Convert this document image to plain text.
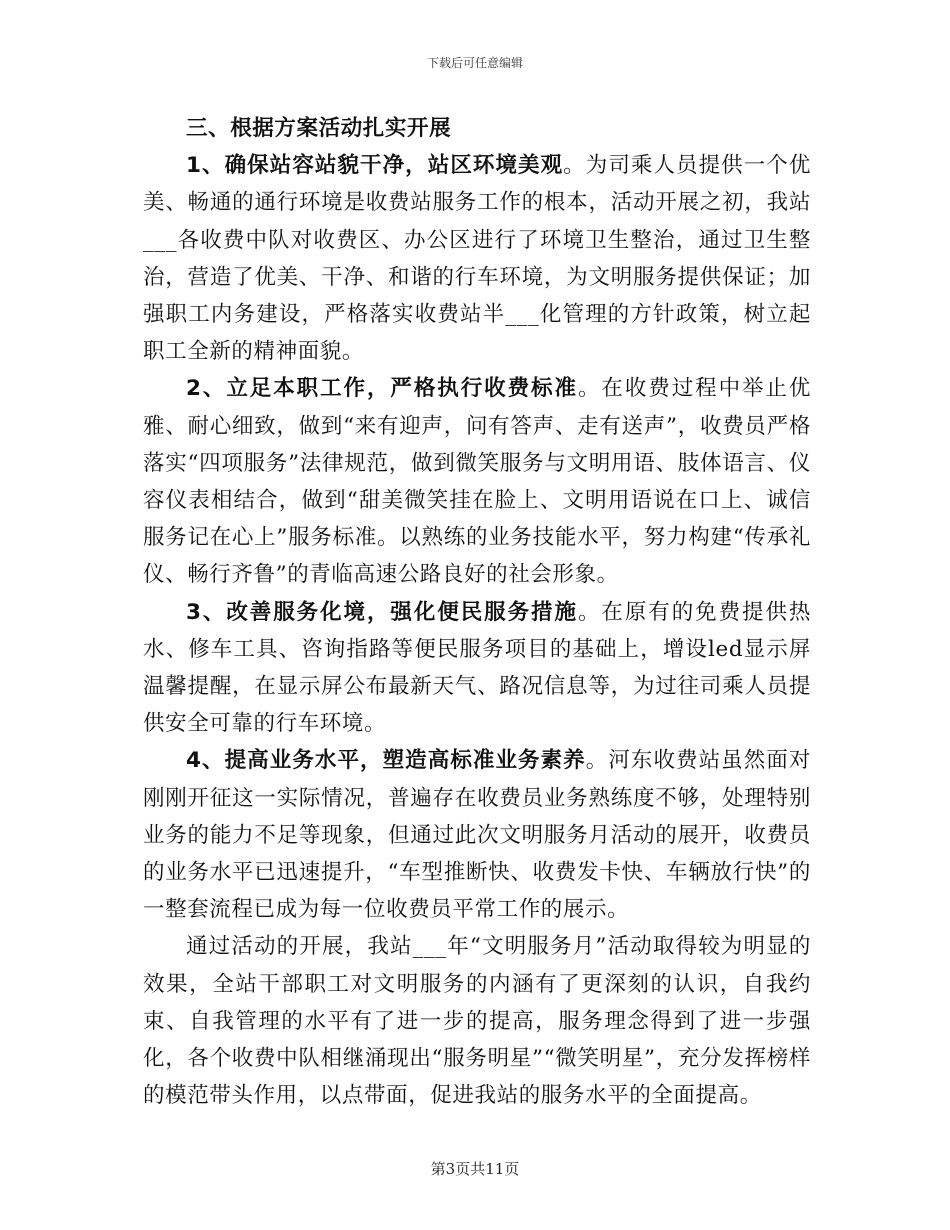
下载后可任意编辑

三、根据方案活动扎实开展

1、确保站容站貌干净，站区环境美观。为司乘人员提供一个优美、畅通的通行环境是收费站服务工作的根本，活动开展之初，我站___各收费中队对收费区、办公区进行了环境卫生整治，通过卫生整治，营造了优美、干净、和谐的行车环境，为文明服务提供保证；加强职工内务建设，严格落实收费站半___化管理的方针政策，树立起职工全新的精神面貌。

2、立足本职工作，严格执行收费标准。在收费过程中举止优雅、耐心细致，做到“来有迎声，问有答声、走有送声”，收费员严格落实“四项服务”法律规范，做到微笑服务与文明用语、肢体语言、仪容仪表相结合，做到“甜美微笑挂在脸上、文明用语说在口上、诚信服务记在心上”服务标准。以熟练的业务技能水平，努力构建“传承礼仪、畅行齐鲁”的青临高速公路良好的社会形象。

3、改善服务化境，强化便民服务措施。在原有的免费提供热水、修车工具、咨询指路等便民服务项目的基础上，增设led显示屏温馨提醒，在显示屏公布最新天气、路况信息等，为过往司乘人员提供安全可靠的行车环境。

4、提高业务水平，塑造高标准业务素养。河东收费站虽然面对刚刚开征这一实际情况，普遍存在收费员业务熟练度不够，处理特别业务的能力不足等现象，但通过此次文明服务月活动的展开，收费员的业务水平已迅速提升，“车型推断快、收费发卡快、车辆放行快”的一整套流程已成为每一位收费员平常工作的展示。

通过活动的开展，我站___年“文明服务月”活动取得较为明显的效果，全站干部职工对文明服务的内涵有了更深刻的认识，自我约束、自我管理的水平有了进一步的提高，服务理念得到了进一步强化，各个收费中队相继涌现出“服务明星”“微笑明星”，充分发挥榜样的模范带头作用，以点带面，促进我站的服务水平的全面提高。

第3页共11页
